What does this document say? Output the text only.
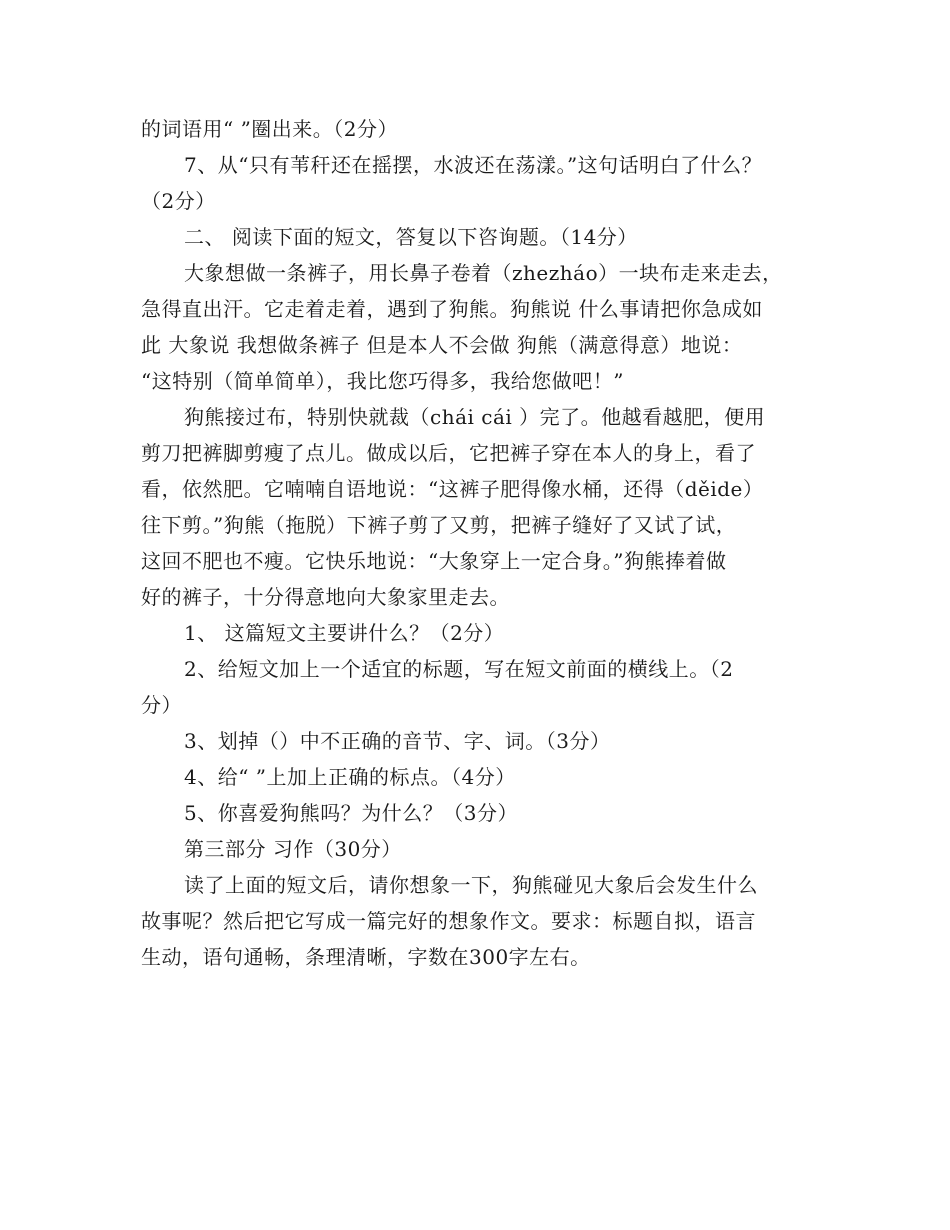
的词语用“ ”圈出来。（2分）
7、从“只有苇秆还在摇摆，水波还在荡漾。”这句话明白了什么？
（2分）
二、 阅读下面的短文，答复以下咨询题。（14分）
大象想做一条裤子，用长鼻子卷着（zhezháo）一块布走来走去，
急得直出汗。它走着走着，遇到了狗熊。狗熊说 什么事请把你急成如
此 大象说 我想做条裤子 但是本人不会做 狗熊（满意得意）地说：
“这特别（简单简单），我比您巧得多，我给您做吧！”
狗熊接过布，特别快就裁（chái cái ）完了。他越看越肥，便用
剪刀把裤脚剪瘦了点儿。做成以后，它把裤子穿在本人的身上，看了
看，依然肥。它喃喃自语地说：“这裤子肥得像水桶，还得（děide）
往下剪。”狗熊（拖脱）下裤子剪了又剪，把裤子缝好了又试了试，
这回不肥也不瘦。它快乐地说：“大象穿上一定合身。”狗熊捧着做
好的裤子，十分得意地向大象家里走去。
1、 这篇短文主要讲什么？（2分）
2、给短文加上一个适宜的标题，写在短文前面的横线上。（2
分）
3、划掉（）中不正确的音节、字、词。（3分）
4、给“ ”上加上正确的标点。（4分）
5、你喜爱狗熊吗？为什么？（3分）
第三部分 习作（30分）
读了上面的短文后，请你想象一下，狗熊碰见大象后会发生什么
故事呢？然后把它写成一篇完好的想象作文。要求：标题自拟，语言
生动，语句通畅，条理清晰，字数在300字左右。
